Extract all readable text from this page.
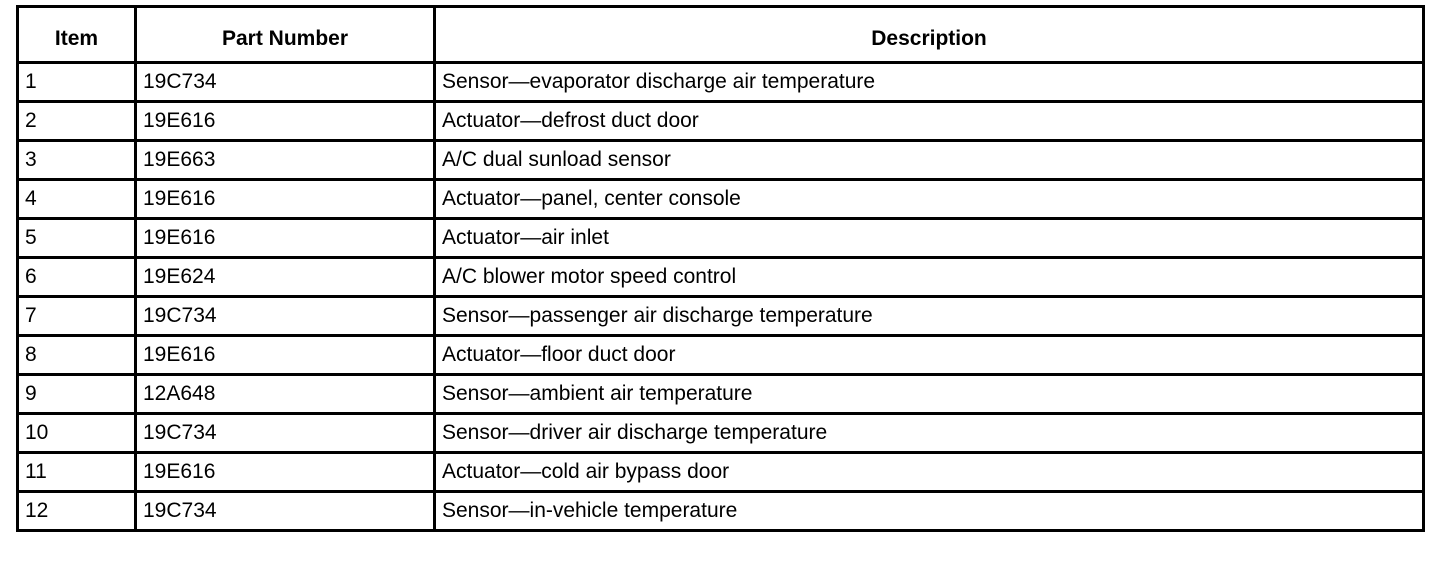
Item	Part Number	Description
1	19C734	Sensor—evaporator discharge air temperature
2	19E616	Actuator—defrost duct door
3	19E663	A/C dual sunload sensor
4	19E616	Actuator—panel, center console
5	19E616	Actuator—air inlet
6	19E624	A/C blower motor speed control
7	19C734	Sensor—passenger air discharge temperature
8	19E616	Actuator—floor duct door
9	12A648	Sensor—ambient air temperature
10	19C734	Sensor—driver air discharge temperature
11	19E616	Actuator—cold air bypass door
12	19C734	Sensor—in-vehicle temperature
